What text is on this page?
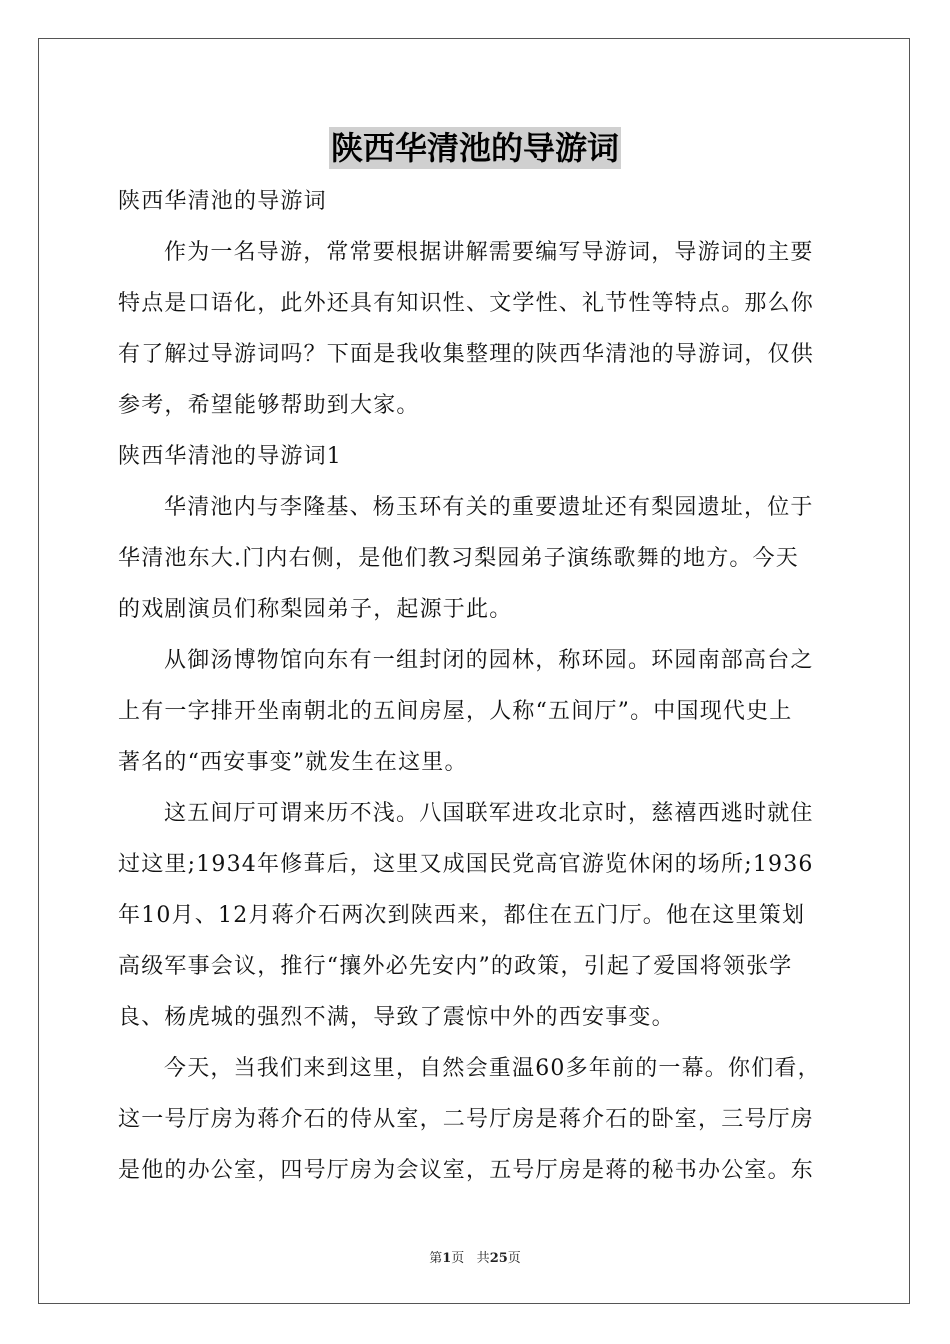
陕西华清池的导游词
陕西华清池的导游词
作为一名导游，常常要根据讲解需要编写导游词，导游词的主要
特点是口语化，此外还具有知识性、文学性、礼节性等特点。那么你
有了解过导游词吗？下面是我收集整理的陕西华清池的导游词，仅供
参考，希望能够帮助到大家。
陕西华清池的导游词1
华清池内与李隆基、杨玉环有关的重要遗址还有梨园遗址，位于
华清池东大.门内右侧，是他们教习梨园弟子演练歌舞的地方。今天
的戏剧演员们称梨园弟子，起源于此。
从御汤博物馆向东有一组封闭的园林，称环园。环园南部高台之
上有一字排开坐南朝北的五间房屋，人称“五间厅”。中国现代史上
著名的“西安事变”就发生在这里。
这五间厅可谓来历不浅。八国联军进攻北京时，慈禧西逃时就住
过这里;1934年修葺后，这里又成国民党高官游览休闲的场所;1936
年10月、12月蒋介石两次到陕西来，都住在五门厅。他在这里策划
高级军事会议，推行“攘外必先安内”的政策，引起了爱国将领张学
良、杨虎城的强烈不满，导致了震惊中外的西安事变。
今天，当我们来到这里，自然会重温60多年前的一幕。你们看，
这一号厅房为蒋介石的侍从室，二号厅房是蒋介石的卧室，三号厅房
是他的办公室，四号厅房为会议室，五号厅房是蒋的秘书办公室。东
第1页 共25页
